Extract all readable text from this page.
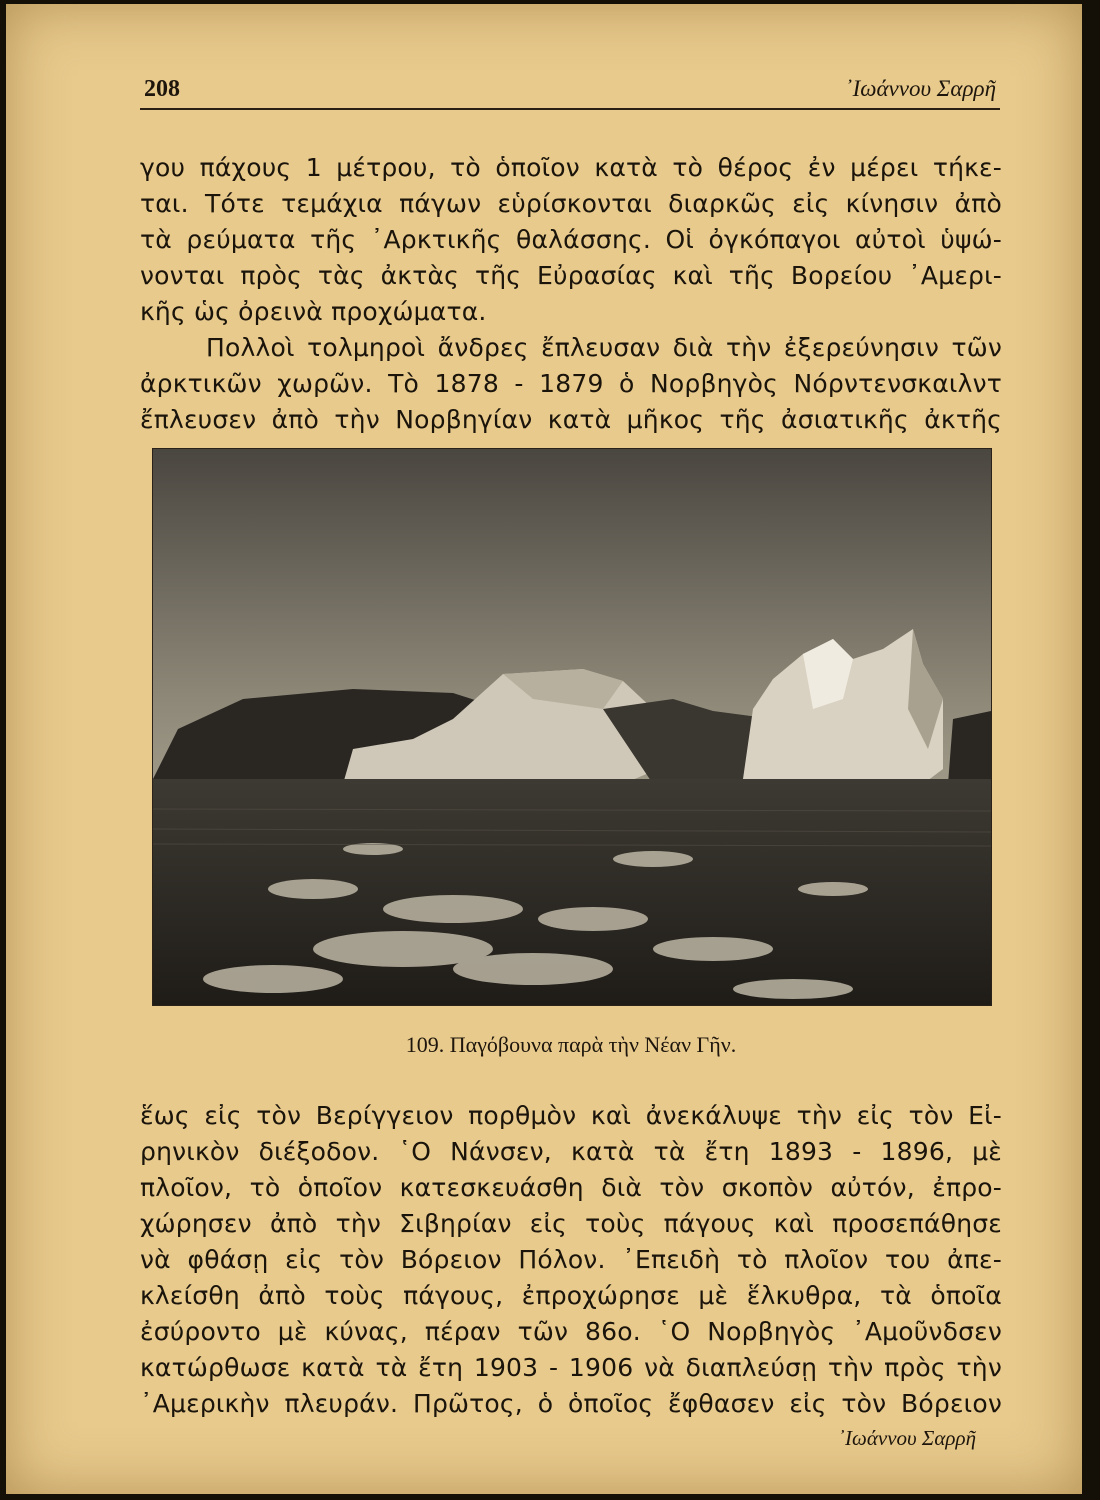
208	᾿Ιωάννου Σαρρῆ
γου πάχους 1 μέτρου, τὸ ὁποῖον κατὰ τὸ θέρος ἐν μέρει τήκε-
ται. Τότε τεμάχια πάγων εὑρίσκονται διαρκῶς εἰς κίνησιν ἀπὸ
τὰ ρεύματα τῆς ᾿Αρκτικῆς θαλάσσης. Οἱ ὀγκόπαγοι αὐτοὶ ὑψώ-
νονται πρὸς τὰς ἀκτὰς τῆς Εὐρασίας καὶ τῆς Βορείου ᾿Αμερι-
κῆς ὡς ὀρεινὰ προχώματα.
Πολλοὶ τολμηροὶ ἄνδρες ἔπλευσαν διὰ τὴν ἐξερεύνησιν τῶν
ἀρκτικῶν χωρῶν. Τὸ 1878 - 1879 ὁ Νορβηγὸς Νόρντενσκαιλντ
ἔπλευσεν ἀπὸ τὴν Νορβηγίαν κατὰ μῆκος τῆς ἀσιατικῆς ἀκτῆς
109. Παγόβουνα παρὰ τὴν Νέαν Γῆν.
ἕως εἰς τὸν Βερίγγειον πορθμὸν καὶ ἀνεκάλυψε τὴν εἰς τὸν Εἰ-
ρηνικὸν διέξοδον. ῾Ο Νάνσεν, κατὰ τὰ ἔτη 1893 - 1896, μὲ
πλοῖον, τὸ ὁποῖον κατεσκευάσθη διὰ τὸν σκοπὸν αὐτόν, ἐπρο-
χώρησεν ἀπὸ τὴν Σιβηρίαν εἰς τοὺς πάγους καὶ προσεπάθησε
νὰ φθάσῃ εἰς τὸν Βόρειον Πόλον. ᾿Επειδὴ τὸ πλοῖον του ἀπε-
κλείσθη ἀπὸ τοὺς πάγους, ἐπροχώρησε μὲ ἕλκυθρα, τὰ ὁποῖα
ἐσύροντο μὲ κύνας, πέραν τῶν 86ο. ῾Ο Νορβηγὸς ᾿Αμοῦνδσεν
κατώρθωσε κατὰ τὰ ἔτη 1903 - 1906 νὰ διαπλεύσῃ τὴν πρὸς τὴν
᾿Αμερικὴν πλευράν. Πρῶτος, ὁ ὁποῖος ἔφθασεν εἰς τὸν Βόρειον
᾿Ιωάννου Σαρρῆ
